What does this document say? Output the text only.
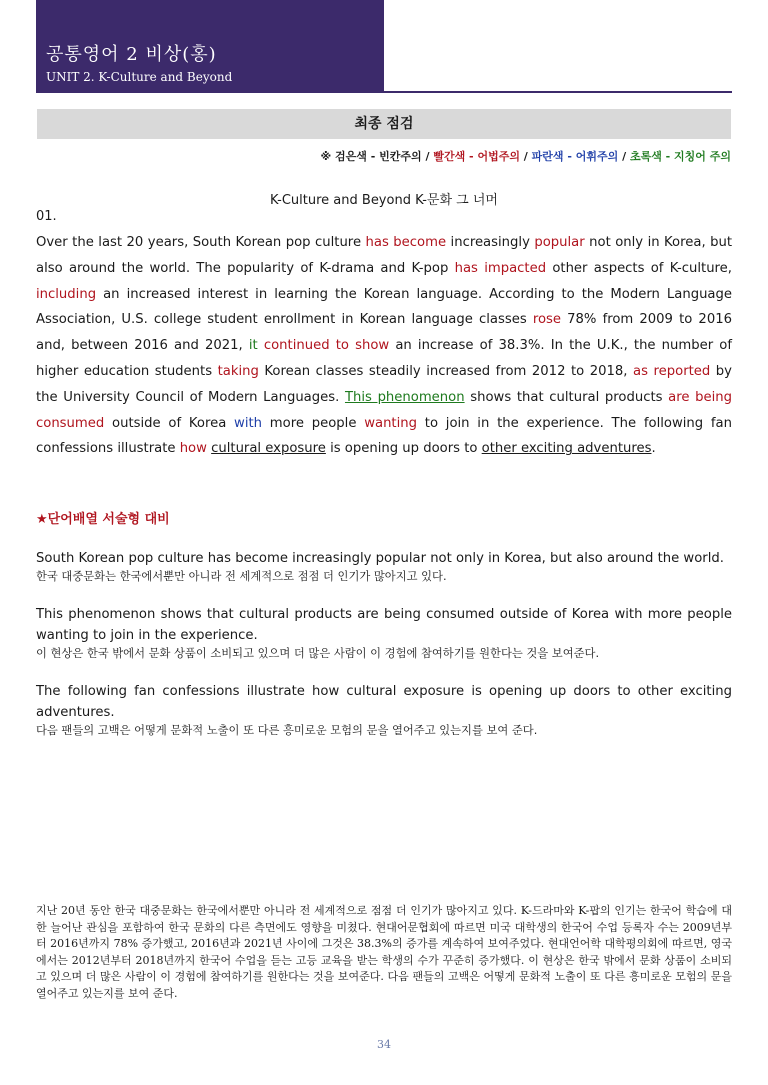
공통영어 2 비상(홍)
UNIT 2. K-Culture and Beyond
최종 점검
※ 검은색 - 빈칸주의 / 빨간색 - 어법주의 / 파란색 - 어휘주의 / 초록색 - 지칭어 주의
K-Culture and Beyond K-문화 그 너머
01.

Over the last 20 years, South Korean pop culture has become increasingly popular not only in Korea, but also around the world. The popularity of K-drama and K-pop has impacted other aspects of K-culture, including an increased interest in learning the Korean language. According to the Modern Language Association, U.S. college student enrollment in Korean language classes rose 78% from 2009 to 2016 and, between 2016 and 2021, it continued to show an increase of 38.3%. In the U.K., the number of higher education students taking Korean classes steadily increased from 2012 to 2018, as reported by the University Council of Modern Languages. This phenomenon shows that cultural products are being consumed outside of Korea with more people wanting to join in the experience. The following fan confessions illustrate how cultural exposure is opening up doors to other exciting adventures.

★단어배열 서술형 대비

South Korean pop culture has become increasingly popular not only in Korea, but also around the world.

한국 대중문화는 한국에서뿐만 아니라 전 세계적으로 점점 더 인기가 많아지고 있다.

This phenomenon shows that cultural products are being consumed outside of Korea with more people wanting to join in the experience.

이 현상은 한국 밖에서 문화 상품이 소비되고 있으며 더 많은 사람이 이 경험에 참여하기를 원한다는 것을 보여준다.

The following fan confessions illustrate how cultural exposure is opening up doors to other exciting adventures.

다음 팬들의 고백은 어떻게 문화적 노출이 또 다른 흥미로운 모험의 문을 열어주고 있는지를 보여 준다.

지난 20년 동안 한국 대중문화는 한국에서뿐만 아니라 전 세계적으로 점점 더 인기가 많아지고 있다. K-드라마와 K-팝의 인기는 한국어 학습에 대한 늘어난 관심을 포함하여 한국 문화의 다른 측면에도 영향을 미쳤다. 현대어문협회에 따르면 미국 대학생의 한국어 수업 등록자 수는 2009년부터 2016년까지 78% 증가했고, 2016년과 2021년 사이에 그것은 38.3%의 증가를 계속하여 보여주었다. 현대언어학 대학평의회에 따르면, 영국에서는 2012년부터 2018년까지 한국어 수업을 듣는 고등 교육을 받는 학생의 수가 꾸준히 증가했다. 이 현상은 한국 밖에서 문화 상품이 소비되고 있으며 더 많은 사람이 이 경험에 참여하기를 원한다는 것을 보여준다. 다음 팬들의 고백은 어떻게 문화적 노출이 또 다른 흥미로운 모험의 문을 열어주고 있는지를 보여 준다.

34
